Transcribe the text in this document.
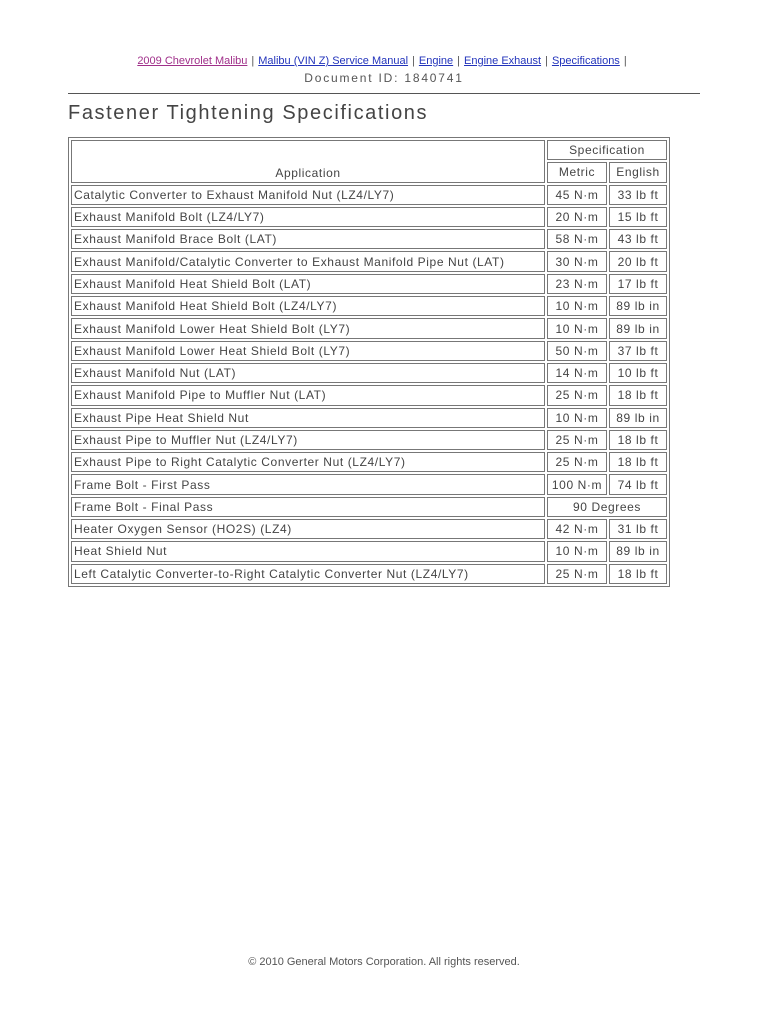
2009 Chevrolet Malibu | Malibu (VIN Z) Service Manual | Engine | Engine Exhaust | Specifications |
Document ID: 1840741
Fastener Tightening Specifications
Application	Specification	
	Metric	English
Catalytic Converter to Exhaust Manifold Nut (LZ4/LY7)	45 N·m	33 lb ft
Exhaust Manifold Bolt (LZ4/LY7)	20 N·m	15 lb ft
Exhaust Manifold Brace Bolt (LAT)	58 N·m	43 lb ft
Exhaust Manifold/Catalytic Converter to Exhaust Manifold Pipe Nut (LAT)	30 N·m	20 lb ft
Exhaust Manifold Heat Shield Bolt (LAT)	23 N·m	17 lb ft
Exhaust Manifold Heat Shield Bolt (LZ4/LY7)	10 N·m	89 lb in
Exhaust Manifold Lower Heat Shield Bolt (LY7)	10 N·m	89 lb in
Exhaust Manifold Lower Heat Shield Bolt (LY7)	50 N·m	37 lb ft
Exhaust Manifold Nut (LAT)	14 N·m	10 lb ft
Exhaust Manifold Pipe to Muffler Nut (LAT)	25 N·m	18 lb ft
Exhaust Pipe Heat Shield Nut	10 N·m	89 lb in
Exhaust Pipe to Muffler Nut (LZ4/LY7)	25 N·m	18 lb ft
Exhaust Pipe to Right Catalytic Converter Nut (LZ4/LY7)	25 N·m	18 lb ft
Frame Bolt - First Pass	100 N·m	74 lb ft
Frame Bolt - Final Pass	90 Degrees	
Heater Oxygen Sensor (HO2S) (LZ4)	42 N·m	31 lb ft
Heat Shield Nut	10 N·m	89 lb in
Left Catalytic Converter-to-Right Catalytic Converter Nut (LZ4/LY7)	25 N·m	18 lb ft
© 2010 General Motors Corporation. All rights reserved.
